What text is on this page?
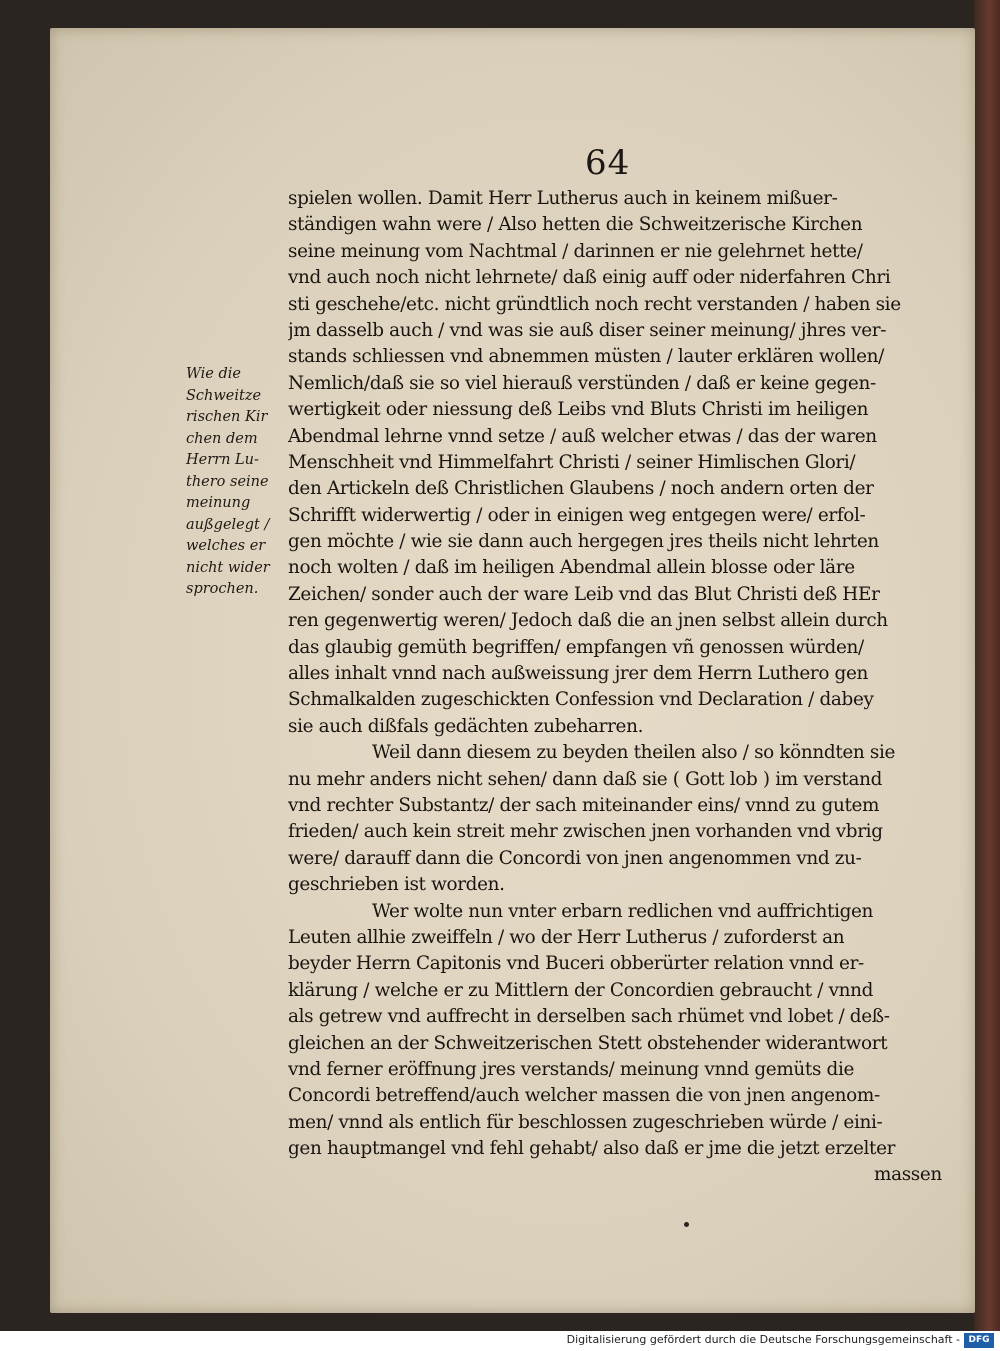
64
Wie die
Schweitze
rischen Kir
chen dem
Herrn Lu-
thero seine
meinung
außgelegt /
welches er
nicht wider
sprochen.
spielen wollen. Damit Herr Lutherus auch in keinem mißuer-
ständigen wahn were / Also hetten die Schweitzerische Kirchen
seine meinung vom Nachtmal / darinnen er nie gelehrnet hette/
vnd auch noch nicht lehrnete/ daß einig auff oder niderfahren Chri
sti geschehe/etc. nicht gründtlich noch recht verstanden / haben sie
jm dasselb auch / vnd was sie auß diser seiner meinung/ jhres ver-
stands schliessen vnd abnemmen müsten / lauter erklären wollen/
Nemlich/daß sie so viel hierauß verstünden / daß er keine gegen-
wertigkeit oder niessung deß Leibs vnd Bluts Christi im heiligen
Abendmal lehrne vnnd setze / auß welcher etwas / das der waren
Menschheit vnd Himmelfahrt Christi / seiner Himlischen Glori/
den Artickeln deß Christlichen Glaubens / noch andern orten der
Schrifft widerwertig / oder in einigen weg entgegen were/ erfol-
gen möchte / wie sie dann auch hergegen jres theils nicht lehrten
noch wolten / daß im heiligen Abendmal allein blosse oder läre
Zeichen/ sonder auch der ware Leib vnd das Blut Christi deß HEr
ren gegenwertig weren/ Jedoch daß die an jnen selbst allein durch
das glaubig gemüth begriffen/ empfangen vñ genossen würden/
alles inhalt vnnd nach außweissung jrer dem Herrn Luthero gen
Schmalkalden zugeschickten Confession vnd Declaration / dabey
sie auch dißfals gedächten zubeharren.
Weil dann diesem zu beyden theilen also / so könndten sie
nu mehr anders nicht sehen/ dann daß sie ( Gott lob ) im verstand
vnd rechter Substantz/ der sach miteinander eins/ vnnd zu gutem
frieden/ auch kein streit mehr zwischen jnen vorhanden vnd vbrig
were/ darauff dann die Concordi von jnen angenommen vnd zu-
geschrieben ist worden.
Wer wolte nun vnter erbarn redlichen vnd auffrichtigen
Leuten allhie zweiffeln / wo der Herr Lutherus / zuforderst an
beyder Herrn Capitonis vnd Buceri obberürter relation vnnd er-
klärung / welche er zu Mittlern der Concordien gebraucht / vnnd
als getrew vnd auffrecht in derselben sach rhümet vnd lobet / deß-
gleichen an der Schweitzerischen Stett obstehender widerantwort
vnd ferner eröffnung jres verstands/ meinung vnnd gemüts die
Concordi betreffend/auch welcher massen die von jnen angenom-
men/ vnnd als entlich für beschlossen zugeschrieben würde / eini-
gen hauptmangel vnd fehl gehabt/ also daß er jme die jetzt erzelter
massen
Digitalisierung gefördert durch die Deutsche Forschungsgemeinschaft - DFG
